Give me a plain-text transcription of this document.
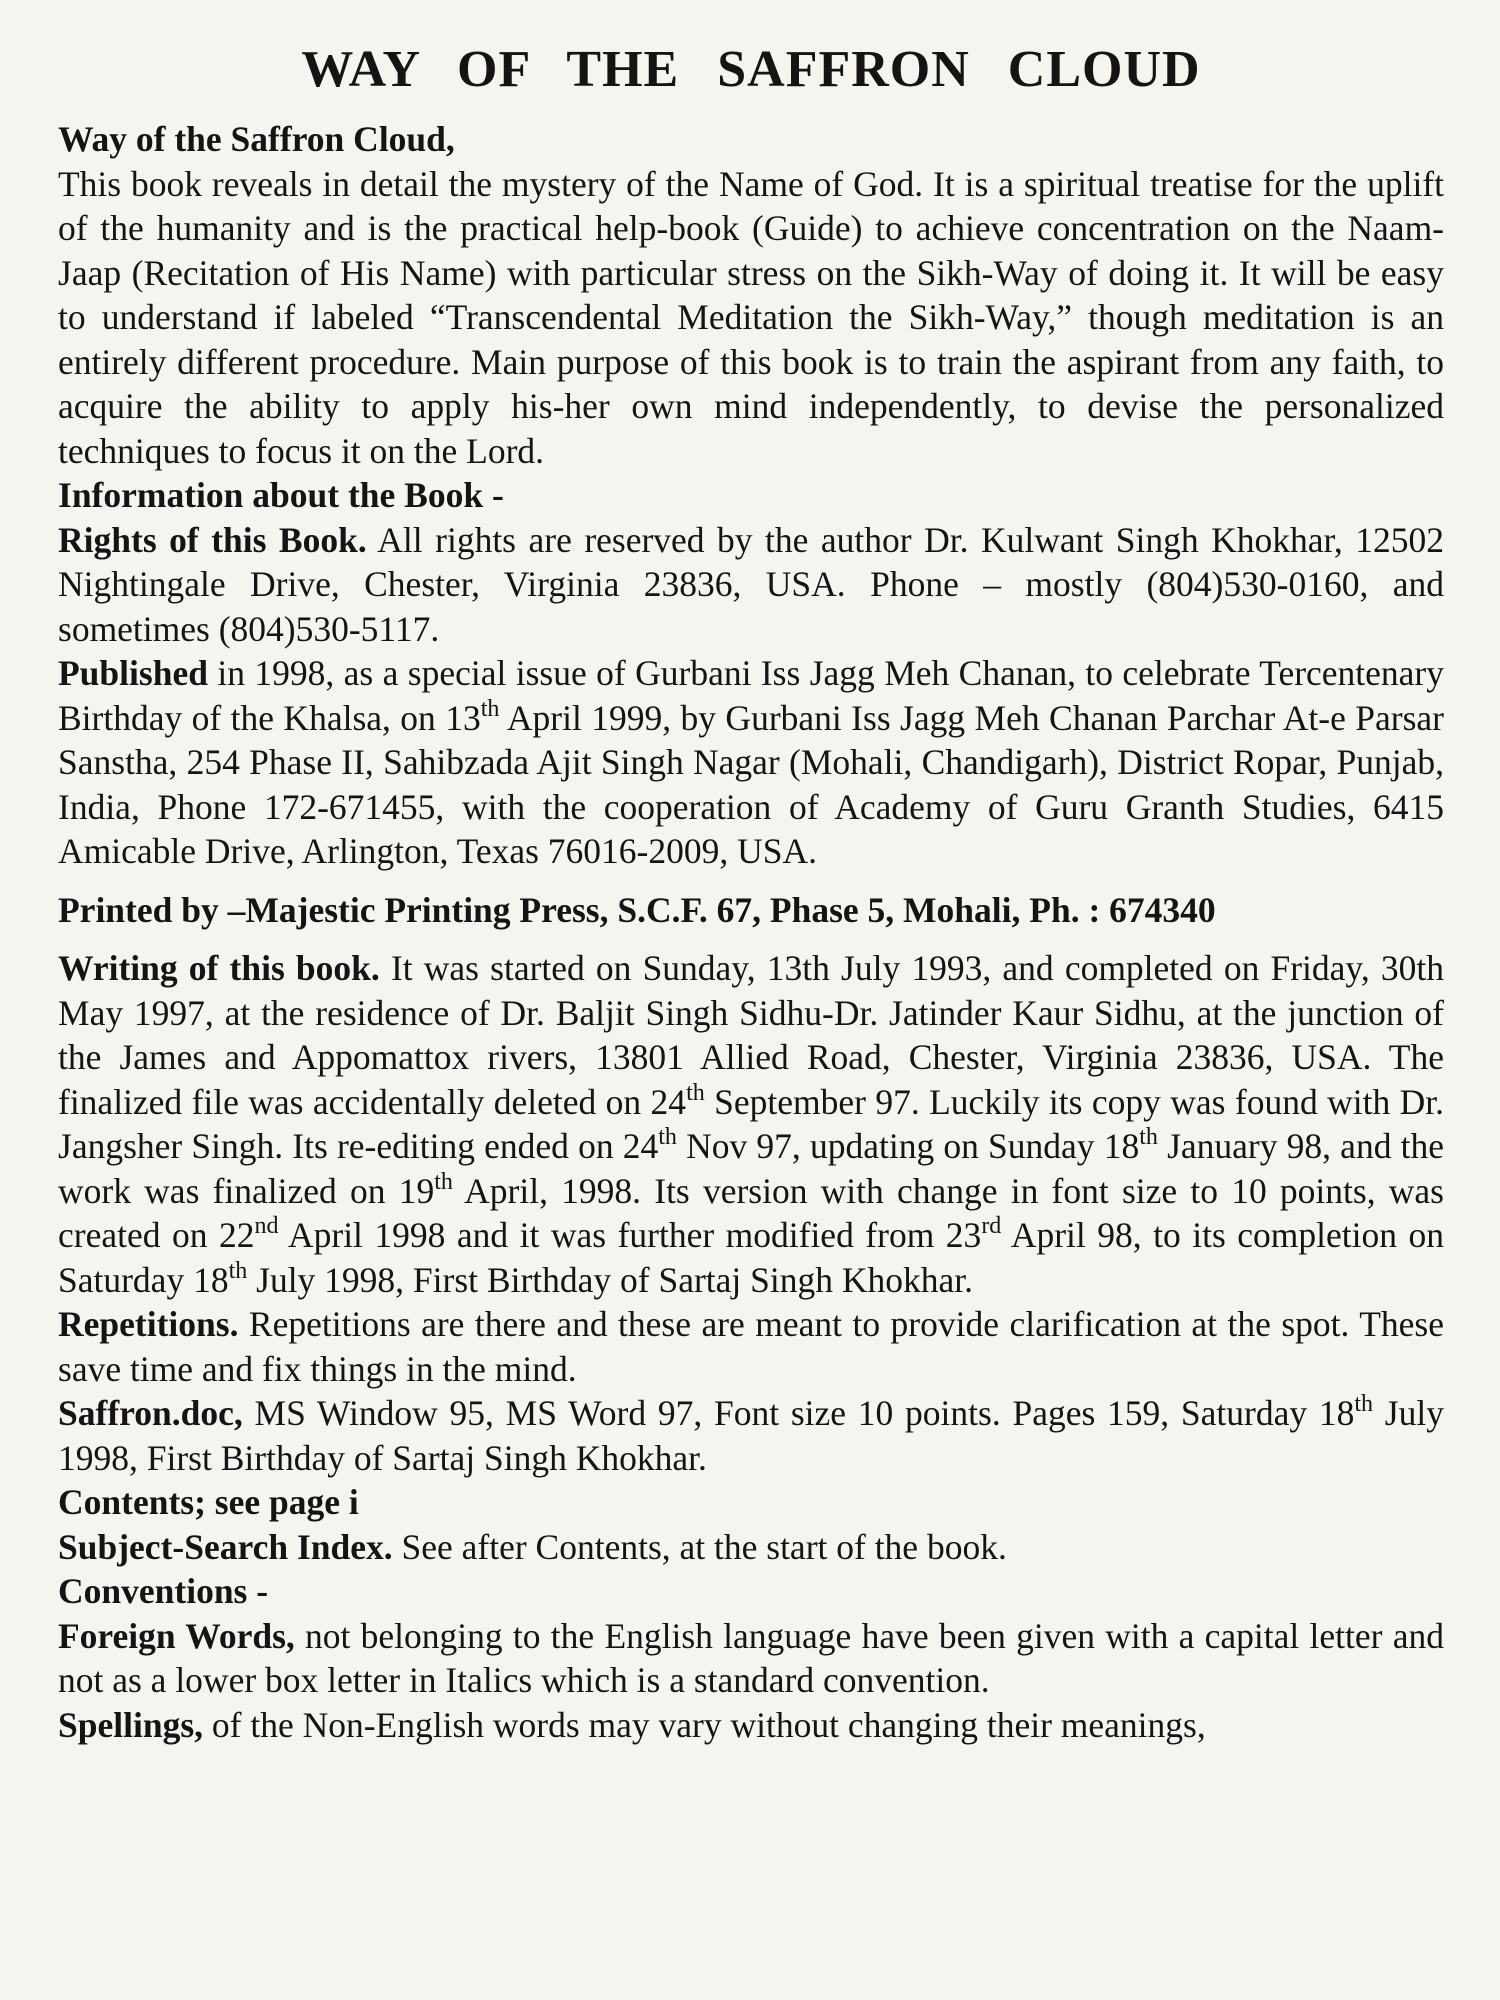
WAY OF THE SAFFRON CLOUD

Way of the Saffron Cloud,

This book reveals in detail the mystery of the Name of God. It is a spiritual treatise for the uplift of the humanity and is the practical help-book (Guide) to achieve concentration on the Naam-Jaap (Recitation of His Name) with particular stress on the Sikh-Way of doing it. It will be easy to understand if labeled “Transcendental Meditation the Sikh-Way,” though meditation is an entirely different procedure. Main purpose of this book is to train the aspirant from any faith, to acquire the ability to apply his-her own mind independently, to devise the personalized techniques to focus it on the Lord.

Information about the Book -

Rights of this Book. All rights are reserved by the author Dr. Kulwant Singh Khokhar, 12502 Nightingale Drive, Chester, Virginia 23836, USA. Phone – mostly (804)530-0160, and sometimes (804)530-5117.

Published in 1998, as a special issue of Gurbani Iss Jagg Meh Chanan, to celebrate Tercentenary Birthday of the Khalsa, on 13th April 1999, by Gurbani Iss Jagg Meh Chanan Parchar At-e Parsar Sanstha, 254 Phase II, Sahibzada Ajit Singh Nagar (Mohali, Chandigarh), District Ropar, Punjab, India, Phone 172-671455, with the cooperation of Academy of Guru Granth Studies, 6415 Amicable Drive, Arlington, Texas 76016-2009, USA.

Printed by –Majestic Printing Press, S.C.F. 67, Phase 5, Mohali, Ph. : 674340

Writing of this book. It was started on Sunday, 13th July 1993, and completed on Friday, 30th May 1997, at the residence of Dr. Baljit Singh Sidhu-Dr. Jatinder Kaur Sidhu, at the junction of the James and Appomattox rivers, 13801 Allied Road, Chester, Virginia 23836, USA. The finalized file was accidentally deleted on 24th September 97. Luckily its copy was found with Dr. Jangsher Singh. Its re-editing ended on 24th Nov 97, updating on Sunday 18th January 98, and the work was finalized on 19th April, 1998. Its version with change in font size to 10 points, was created on 22nd April 1998 and it was further modified from 23rd April 98, to its completion on Saturday 18th July 1998, First Birthday of Sartaj Singh Khokhar.

Repetitions. Repetitions are there and these are meant to provide clarification at the spot. These save time and fix things in the mind.

Saffron.doc, MS Window 95, MS Word 97, Font size 10 points. Pages 159, Saturday 18th July 1998, First Birthday of Sartaj Singh Khokhar.

Contents; see page i

Subject-Search Index. See after Contents, at the start of the book.

Conventions -

Foreign Words, not belonging to the English language have been given with a capital letter and not as a lower box letter in Italics which is a standard convention.

Spellings, of the Non-English words may vary without changing their meanings,
